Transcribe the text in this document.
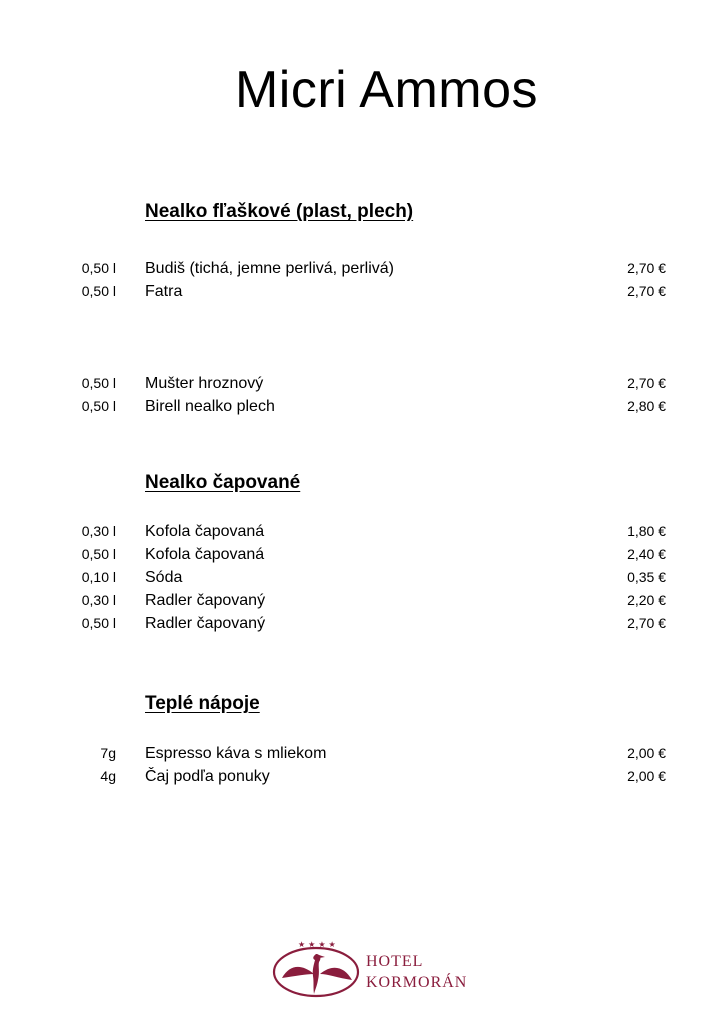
Micri Ammos
Nealko fľaškové (plast, plech)
0,50 l Budiš (tichá, jemne perlivá, perlivá)	2,70 €
0,50 l Fatra	2,70 €
0,50 l Mušter hroznový	2,70 €
0,50 l Birell nealko plech	2,80 €
Nealko čapované
0,30 l Kofola čapovaná	1,80 €
0,50 l Kofola čapovaná	2,40 €
0,10 l Sóda	0,35 €
0,30 l Radler čapovaný	2,20 €
0,50 l Radler čapovaný	2,70 €
Teplé nápoje
7g Espresso káva s mliekom	2,00 €
4g Čaj podľa ponuky	2,00 €
★★★★
HOTEL
KORMORÁN
